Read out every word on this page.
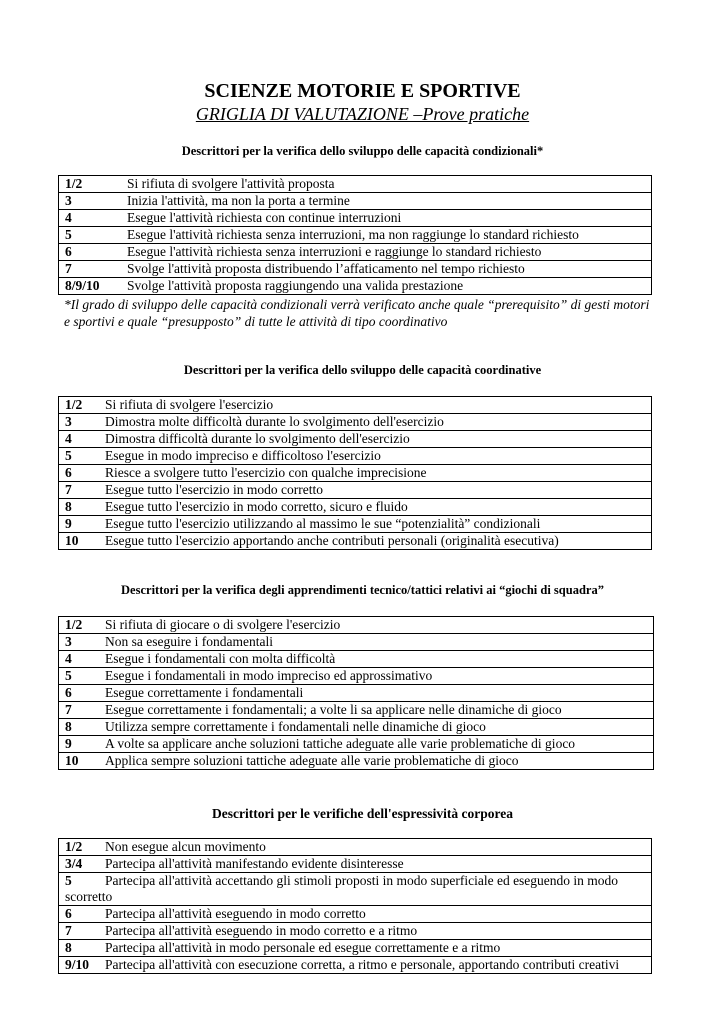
SCIENZE MOTORIE E SPORTIVE
GRIGLIA DI VALUTAZIONE –Prove pratiche
Descrittori per la verifica dello sviluppo delle capacità condizionali*
1/2	Si rifiuta di svolgere l'attività proposta
3	Inizia l'attività, ma non la porta a termine
4	Esegue l'attività richiesta con continue interruzioni
5	Esegue l'attività richiesta senza interruzioni, ma non raggiunge lo standard richiesto
6	Esegue l'attività richiesta senza interruzioni e raggiunge lo standard richiesto
7	Svolge l'attività proposta distribuendo l’affaticamento nel tempo richiesto
8/9/10 Svolge l'attività proposta raggiungendo una valida prestazione
*Il grado di sviluppo delle capacità condizionali verrà verificato anche quale “prerequisito” di gesti motori e sportivi e quale “presupposto” di tutte le attività di tipo coordinativo
Descrittori per la verifica dello sviluppo delle capacità coordinative
1/2 Si rifiuta di svolgere l'esercizio
3 Dimostra molte difficoltà durante lo svolgimento dell'esercizio
4 Dimostra difficoltà durante lo svolgimento dell'esercizio
5 Esegue in modo impreciso e difficoltoso l'esercizio
6 Riesce a svolgere tutto l'esercizio con qualche imprecisione
7 Esegue tutto l'esercizio in modo corretto
8 Esegue tutto l'esercizio in modo corretto, sicuro e fluido
9 Esegue tutto l'esercizio utilizzando al massimo le sue “potenzialità” condizionali
10 Esegue tutto l'esercizio apportando anche contributi personali (originalità esecutiva)
Descrittori per la verifica degli apprendimenti tecnico/tattici relativi ai “giochi di squadra”
1/2 Si rifiuta di giocare o di svolgere l'esercizio
3 Non sa eseguire i fondamentali
4 Esegue i fondamentali con molta difficoltà
5 Esegue i fondamentali in modo impreciso ed approssimativo
6 Esegue correttamente i fondamentali
7 Esegue correttamente i fondamentali; a volte li sa applicare nelle dinamiche di gioco
8 Utilizza sempre correttamente i fondamentali nelle dinamiche di gioco
9 A volte sa applicare anche soluzioni tattiche adeguate alle varie problematiche di gioco
10 Applica sempre soluzioni tattiche adeguate alle varie problematiche di gioco
Descrittori per le verifiche dell'espressività corporea
1/2 Non esegue alcun movimento
3/4 Partecipa all'attività manifestando evidente disinteresse
5 Partecipa all'attività accettando gli stimoli proposti in modo superficiale ed eseguendo in modo scorretto
6 Partecipa all'attività eseguendo in modo corretto
7 Partecipa all'attività eseguendo in modo corretto e a ritmo
8 Partecipa all'attività in modo personale ed esegue correttamente e a ritmo
9/10 Partecipa all'attività con esecuzione corretta, a ritmo e personale, apportando contributi creativi
